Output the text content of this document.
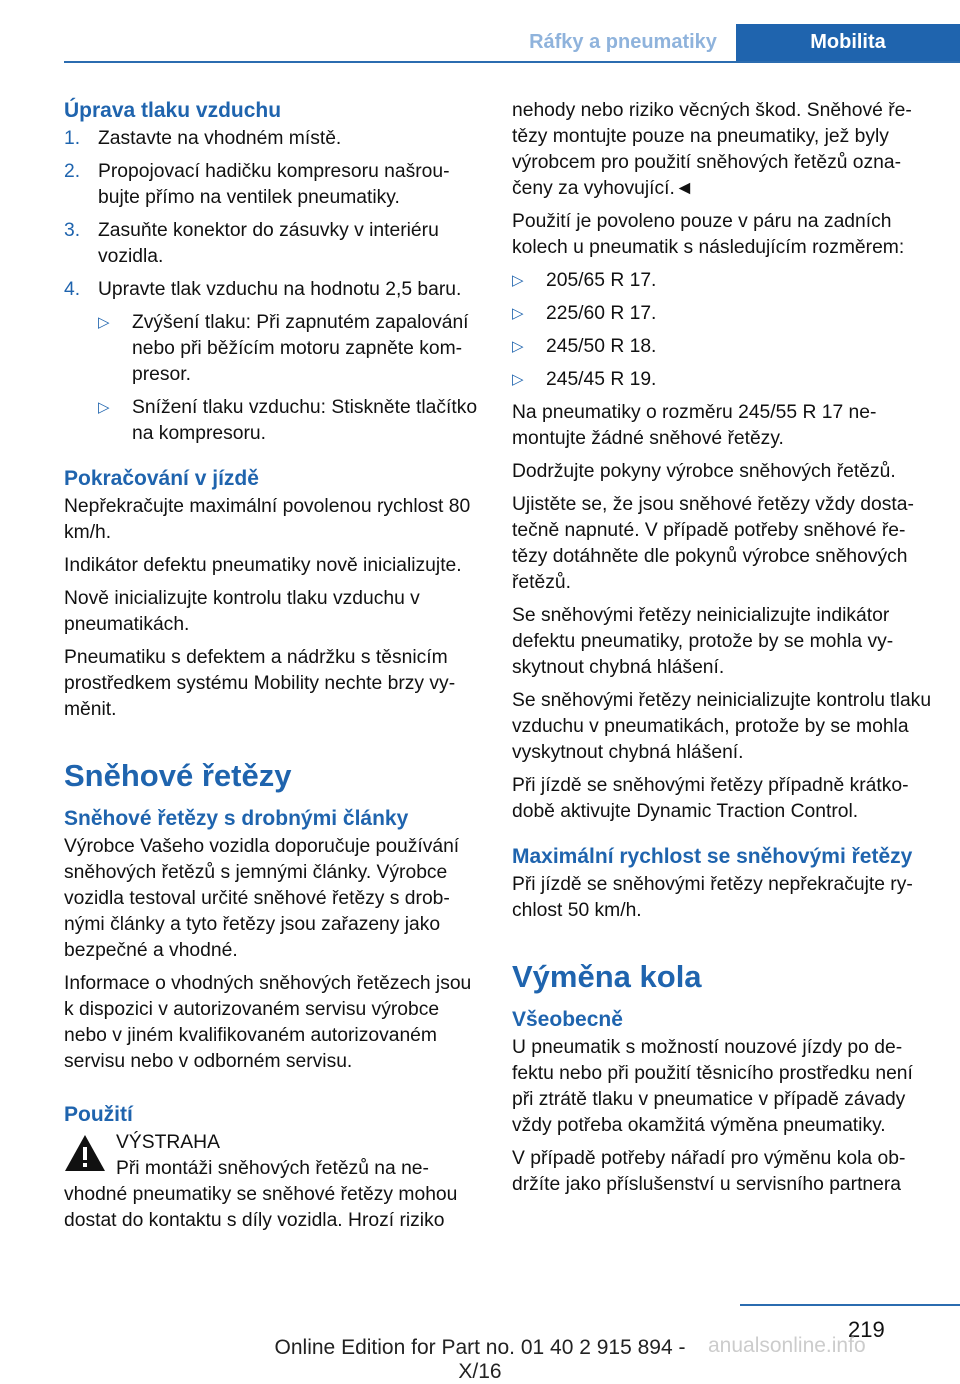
Ráfky a pneumatiky	Mobilita
Úprava tlaku vzduchu
1. Zastavte na vhodném místě.
2. Propojovací hadičku kompresoru našroubujte přímo na ventilek pneumatiky.
3. Zasuňte konektor do zásuvky v interiéru vozidla.
4. Upravte tlak vzduchu na hodnotu 2,5 baru.
▷	Zvýšení tlaku: Při zapnutém zapalování nebo při běžícím motoru zapněte kompresor.
▷	Snížení tlaku vzduchu: Stiskněte tlačítko na kompresoru.
Pokračování v jízdě

Nepřekračujte maximální povolenou rychlost 80 km/h.

Indikátor defektu pneumatiky nově inicializujte.

Nově inicializujte kontrolu tlaku vzduchu v pneumatikách.

Pneumatiku s defektem a nádržku s těsnicím prostředkem systému Mobility nechte brzy vyměnit.

Sněhové řetězy
Sněhové řetězy s drobnými články

Výrobce Vašeho vozidla doporučuje používání sněhových řetězů s jemnými články. Výrobce vozidla testoval určité sněhové řetězy s drobnými články a tyto řetězy jsou zařazeny jako bezpečné a vhodné.

Informace o vhodných sněhových řetězech jsou k dispozici v autorizovaném servisu výrobce nebo v jiném kvalifikovaném autorizovaném servisu nebo v odborném servisu.

Použití
VÝSTRAHA
Při montáži sněhových řetězů na nevhodné pneumatiky se sněhové řetězy mohou dostat do kontaktu s díly vozidla. Hrozí riziko

nehody nebo riziko věcných škod. Sněhové řetězy montujte pouze na pneumatiky, jež byly výrobcem pro použití sněhových řetězů označeny za vyhovující.◄

Použití je povoleno pouze v páru na zadních kolech u pneumatik s následujícím rozměrem:

▷	205/65 R 17.
▷	225/60 R 17.
▷	245/50 R 18.
▷	245/45 R 19.

Na pneumatiky o rozměru 245/55 R 17 nemontujte žádné sněhové řetězy.

Dodržujte pokyny výrobce sněhových řetězů.

Ujistěte se, že jsou sněhové řetězy vždy dostatečně napnuté. V případě potřeby sněhové řetězy dotáhněte dle pokynů výrobce sněhových řetězů.

Se sněhovými řetězy neinicializujte indikátor defektu pneumatiky, protože by se mohla vyskytnout chybná hlášení.

Se sněhovými řetězy neinicializujte kontrolu tlaku vzduchu v pneumatikách, protože by se mohla vyskytnout chybná hlášení.

Při jízdě se sněhovými řetězy případně krátkodobě aktivujte Dynamic Traction Control.

Maximální rychlost se sněhovými řetězy

Při jízdě se sněhovými řetězy nepřekračujte rychlost 50 km/h.

Výměna kola
Všeobecně

U pneumatik s možností nouzové jízdy po defektu nebo při použití těsnicího prostředku není při ztrátě tlaku v pneumatice v případě závady vždy potřeba okamžitá výměna pneumatiky.

V případě potřeby nářadí pro výměnu kola obdržíte jako příslušenství u servisního partnera

219
Online Edition for Part no. 01 40 2 915 894 - X/16
anualsonline.info
